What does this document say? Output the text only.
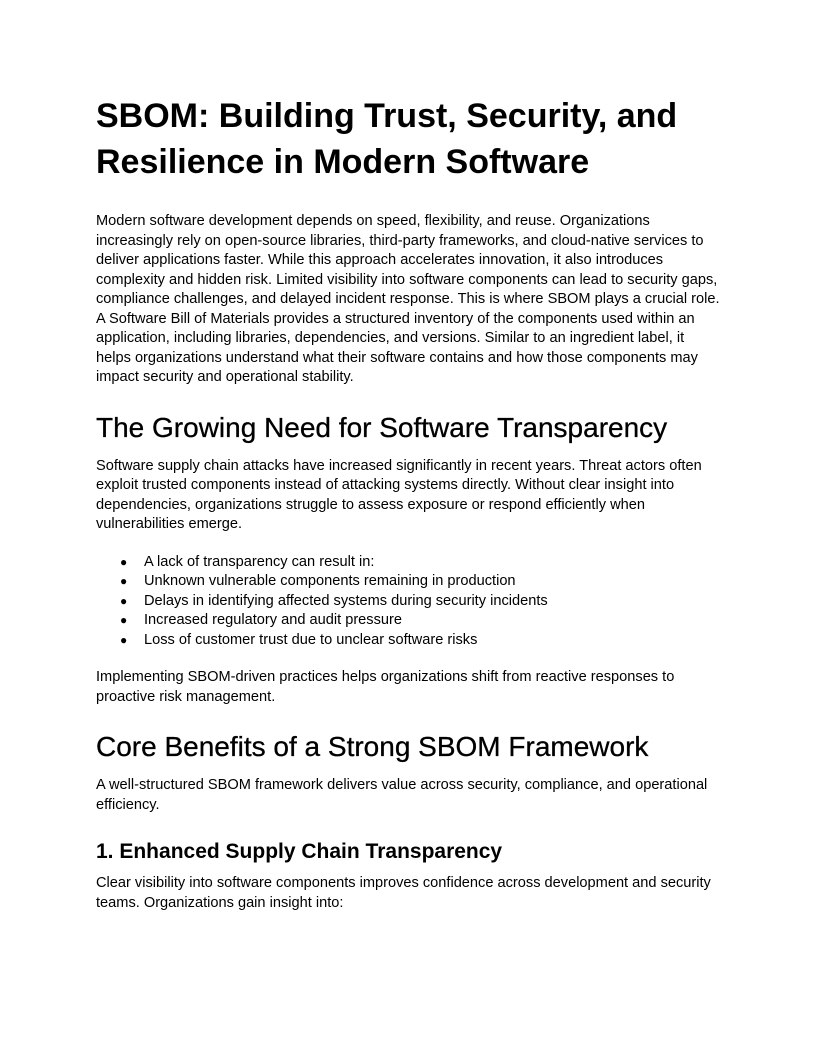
SBOM: Building Trust, Security, and Resilience in Modern Software

Modern software development depends on speed, flexibility, and reuse. Organizations increasingly rely on open-source libraries, third-party frameworks, and cloud-native services to deliver applications faster. While this approach accelerates innovation, it also introduces complexity and hidden risk. Limited visibility into software components can lead to security gaps, compliance challenges, and delayed incident response. This is where SBOM plays a crucial role. A Software Bill of Materials provides a structured inventory of the components used within an application, including libraries, dependencies, and versions. Similar to an ingredient label, it helps organizations understand what their software contains and how those components may impact security and operational stability.

The Growing Need for Software Transparency

Software supply chain attacks have increased significantly in recent years. Threat actors often exploit trusted components instead of attacking systems directly. Without clear insight into dependencies, organizations struggle to assess exposure or respond efficiently when vulnerabilities emerge.

● A lack of transparency can result in:
● Unknown vulnerable components remaining in production
● Delays in identifying affected systems during security incidents
● Increased regulatory and audit pressure
● Loss of customer trust due to unclear software risks

Implementing SBOM-driven practices helps organizations shift from reactive responses to proactive risk management.

Core Benefits of a Strong SBOM Framework

A well-structured SBOM framework delivers value across security, compliance, and operational efficiency.

1. Enhanced Supply Chain Transparency

Clear visibility into software components improves confidence across development and security teams. Organizations gain insight into:
